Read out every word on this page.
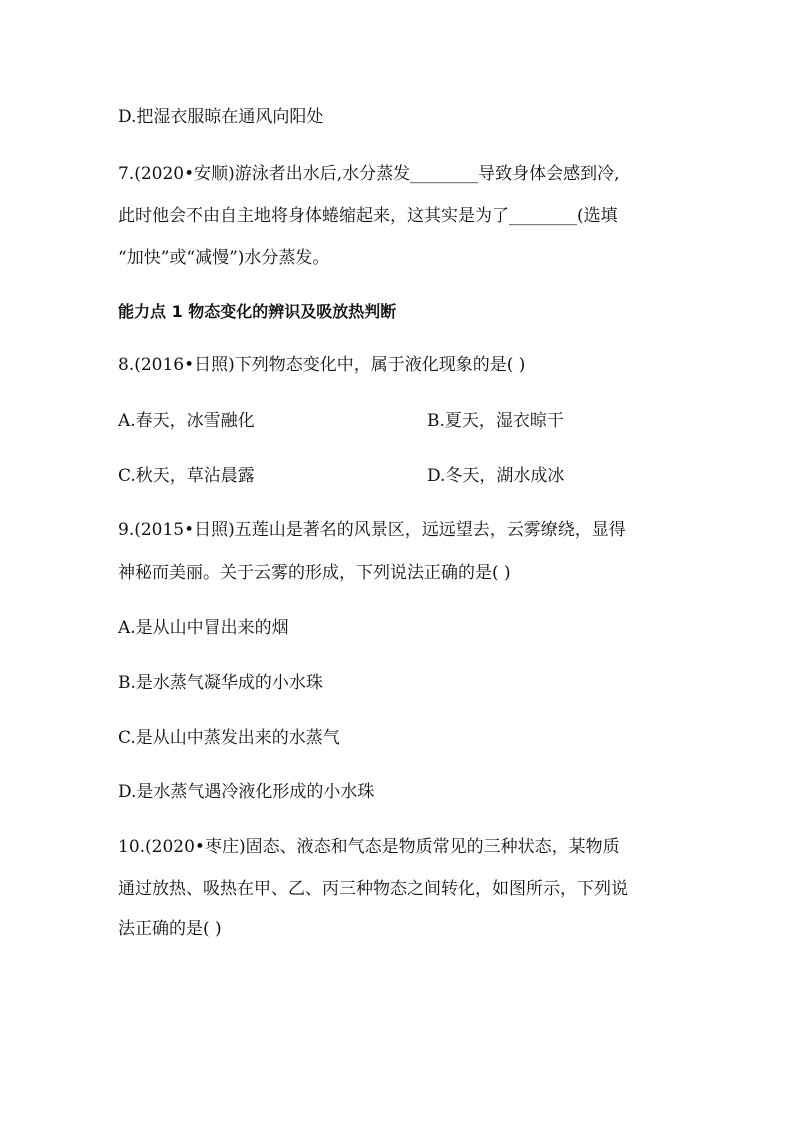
D.把湿衣服晾在通风向阳处
7.(2020•安顺)游泳者出水后,水分蒸发________导致身体会感到冷,
此时他会不由自主地将身体蜷缩起来，这其实是为了________(选填
“加快”或“减慢”)水分蒸发。
能力点 1 物态变化的辨识及吸放热判断
8.(2016•日照)下列物态变化中，属于液化现象的是( )
A.春天，冰雪融化	B.夏天，湿衣晾干
C.秋天，草沾晨露	D.冬天，湖水成冰
9.(2015•日照)五莲山是著名的风景区，远远望去，云雾缭绕，显得
神秘而美丽。关于云雾的形成，下列说法正确的是( )
A.是从山中冒出来的烟
B.是水蒸气凝华成的小水珠
C.是从山中蒸发出来的水蒸气
D.是水蒸气遇冷液化形成的小水珠
10.(2020•枣庄)固态、液态和气态是物质常见的三种状态，某物质
通过放热、吸热在甲、乙、丙三种物态之间转化，如图所示，下列说
法正确的是( )
